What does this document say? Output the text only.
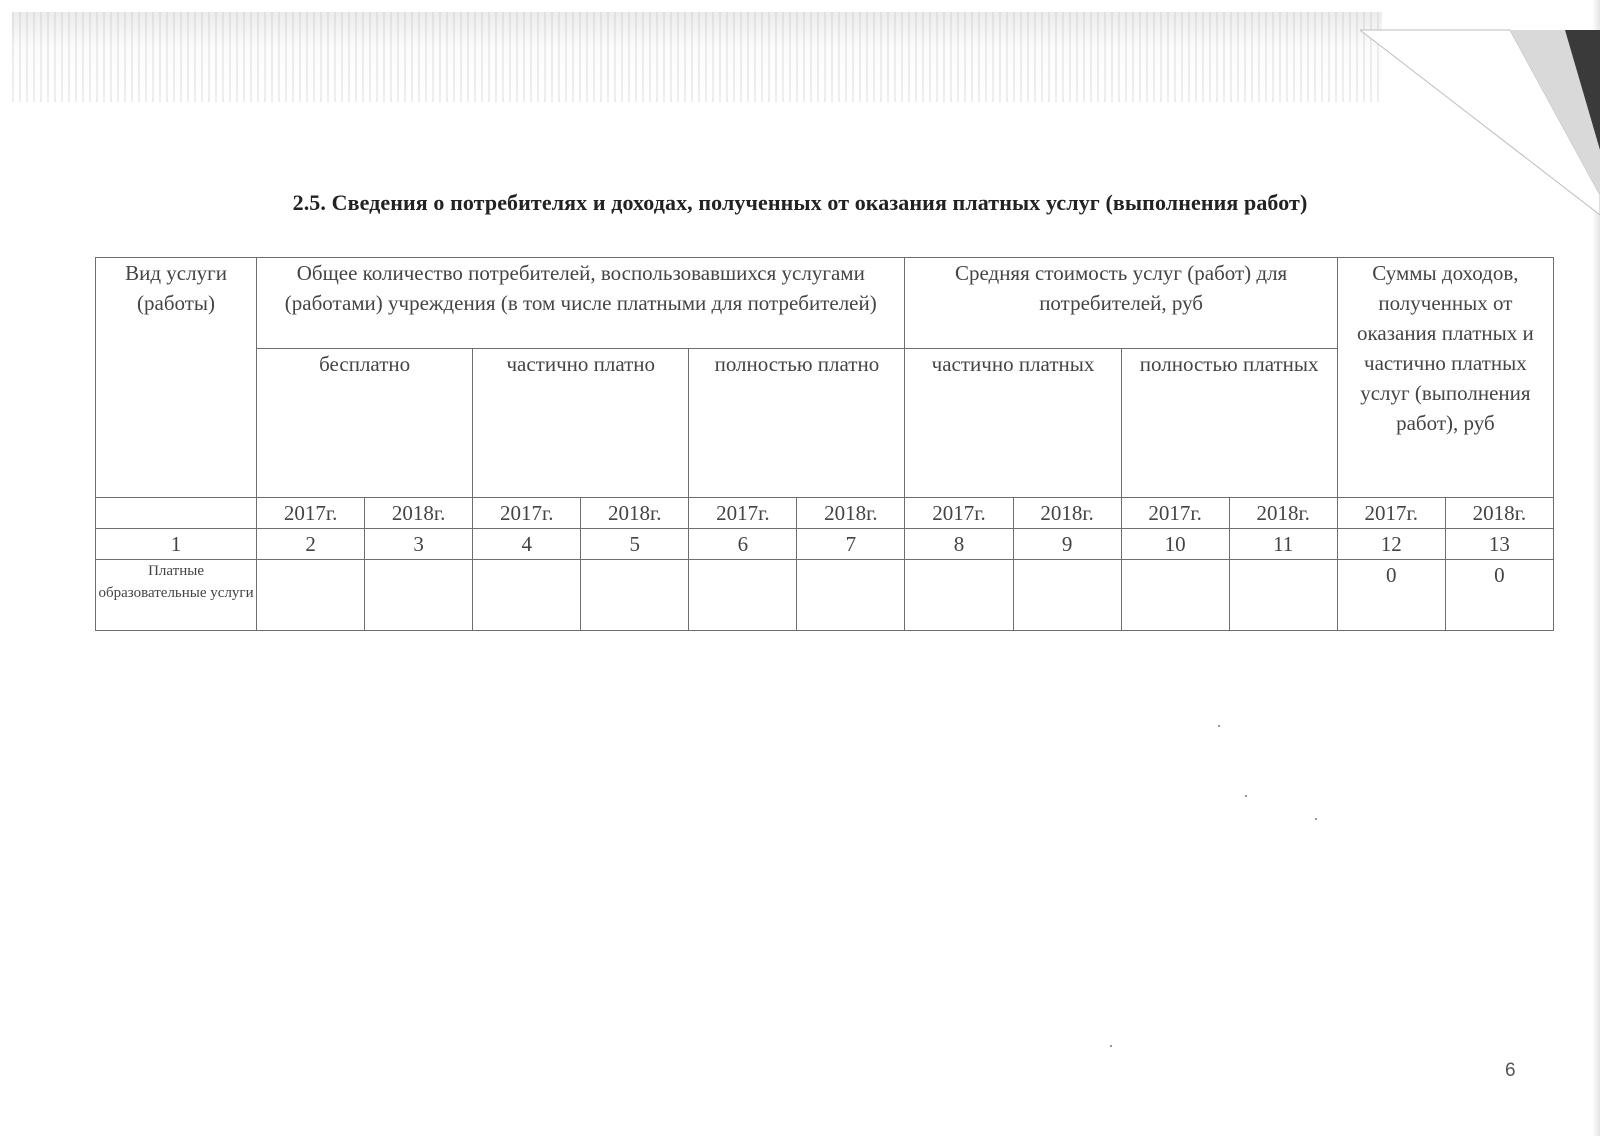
2.5. Сведения о потребителях и доходах, полученных от оказания платных услуг (выполнения работ)
Вид услуги (работы)	Общее количество потребителей, воспользовавшихся услугами (работами) учреждения (в том числе платными для потребителей)						Средняя стоимость услуг (работ) для потребителей, руб				Суммы доходов, полученных от оказания платных и частично платных услуг (выполнения работ), руб	
	бесплатно		частично платно		полностью платно		частично платных		полностью платных			
	2017г.	2018г.	2017г.	2018г.	2017г.	2018г.	2017г.	2018г.	2017г.	2018г.	2017г.	2018г.
1	2	3	4	5	6	7	8	9	10	11	12	13
Платные образовательные услуги											0	0
6
